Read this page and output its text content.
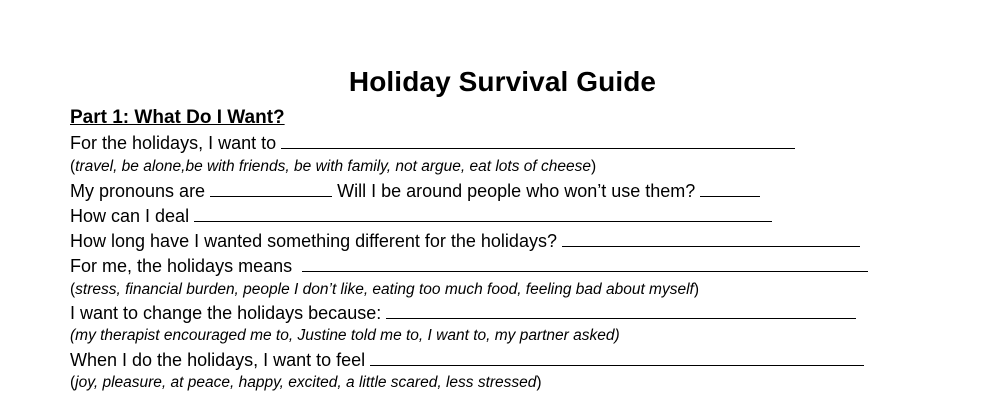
Holiday Survival Guide
Part 1: What Do I Want?
For the holidays, I want to
(travel, be alone,be with friends, be with family, not argue, eat lots of cheese)
My pronouns are	Will I be around people who won’t use them?
How can I deal
How long have I wanted something different for the holidays?
For me, the holidays means
(stress, financial burden, people I don’t like, eating too much food, feeling bad about myself)
I want to change the holidays because:
(my therapist encouraged me to, Justine told me to, I want to, my partner asked)
When I do the holidays, I want to feel
(joy, pleasure, at peace, happy, excited, a little scared, less stressed)
